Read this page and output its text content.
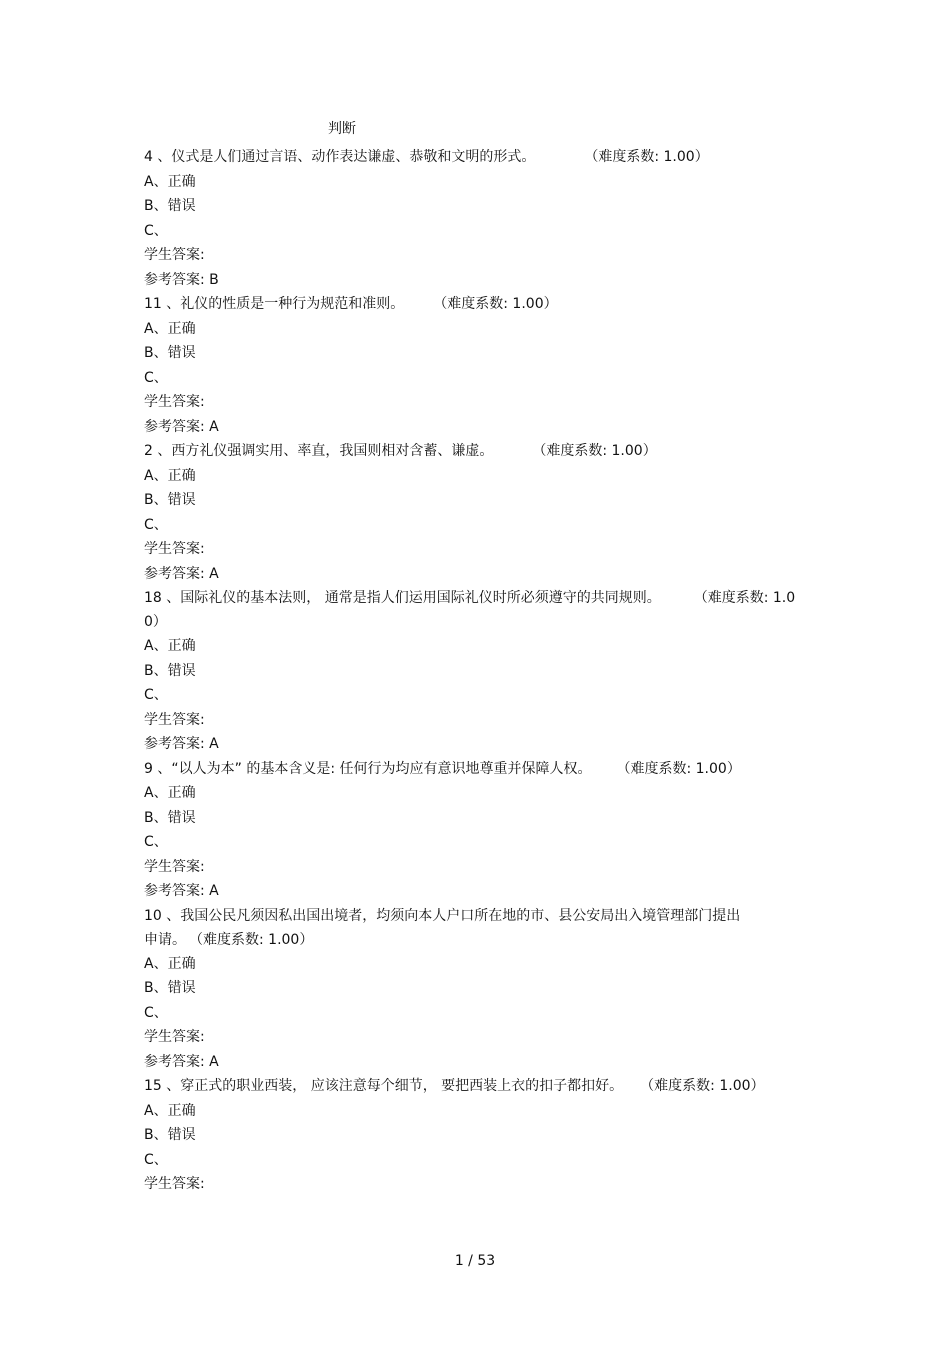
判断
4 、仪式是人们通过言语、动作表达谦虚、恭敬和文明的形式。	（难度系数: 1.00）
A、正确
B、错误
C、
学生答案:
参考答案: B
11 、礼仪的性质是一种行为规范和准则。	（难度系数: 1.00）
A、正确
B、错误
C、
学生答案:
参考答案: A
2 、西方礼仪强调实用、率直，我国则相对含蓄、谦虚。	（难度系数: 1.00）
A、正确
B、错误
C、
学生答案:
参考答案: A
18 、国际礼仪的基本法则， 通常是指人们运用国际礼仪时所必须遵守的共同规则。	（难度系数: 1.00）
A、正确
B、错误
C、
学生答案:
参考答案: A
9 、“以人为本” 的基本含义是: 任何行为均应有意识地尊重并保障人权。 （难度系数: 1.00）
A、正确
B、错误
C、
学生答案:
参考答案: A
10 、我国公民凡须因私出国出境者，均须向本人户口所在地的市、县公安局出入境管理部门提出申请。 （难度系数: 1.00）
A、正确
B、错误
C、
学生答案:
参考答案: A
15 、穿正式的职业西装， 应该注意每个细节， 要把西装上衣的扣子都扣好。 （难度系数: 1.00）
A、正确
B、错误
C、
学生答案:
1 / 53
